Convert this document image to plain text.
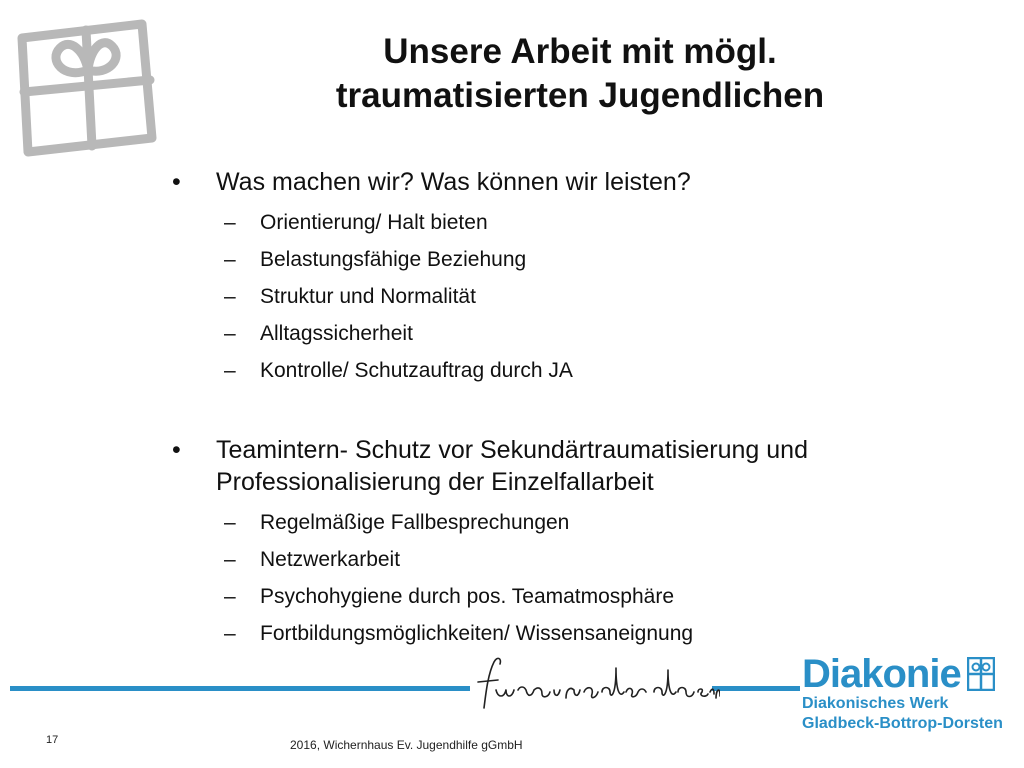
Unsere Arbeit mit mögl.
traumatisierten Jugendlichen
• Was machen wir? Was können wir leisten?
– Orientierung/ Halt bieten
– Belastungsfähige Beziehung
– Struktur und Normalität
– Alltagssicherheit
– Kontrolle/ Schutzauftrag durch JA
• Teamintern- Schutz vor Sekundärtraumatisierung und
Professionalisierung der Einzelfallarbeit
– Regelmäßige Fallbesprechungen
– Netzwerkarbeit
– Psychohygiene durch pos. Teamatmosphäre
– Fortbildungsmöglichkeiten/ Wissensaneignung
Diakonie
Diakonisches Werk
Gladbeck-Bottrop-Dorsten
17	2016, Wichernhaus Ev. Jugendhilfe gGmbH
